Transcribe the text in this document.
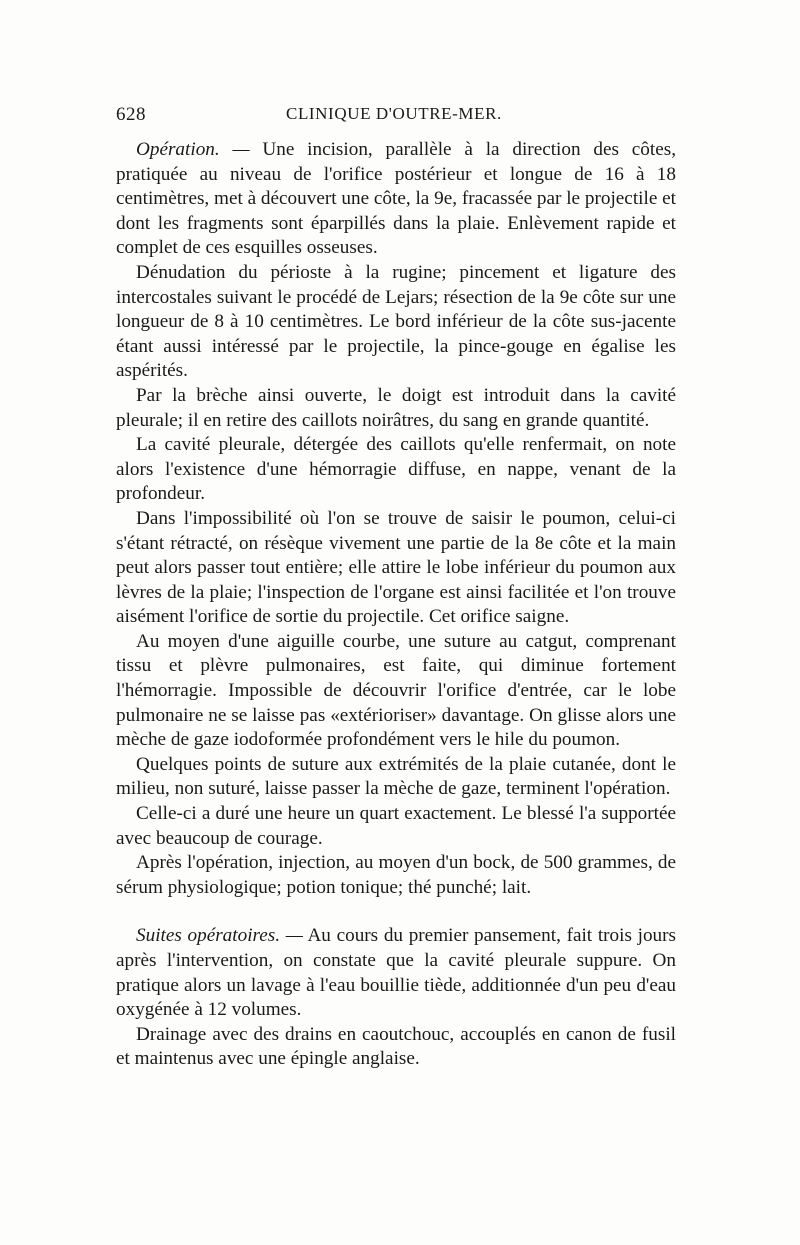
628	CLINIQUE D'OUTRE-MER.

Opération. — Une incision, parallèle à la direction des côtes, pratiquée au niveau de l'orifice postérieur et longue de 16 à 18 centimètres, met à découvert une côte, la 9e, fracassée par le projectile et dont les fragments sont éparpillés dans la plaie. Enlèvement rapide et complet de ces esquilles osseuses.

Dénudation du périoste à la rugine; pincement et ligature des intercostales suivant le procédé de Lejars; résection de la 9e côte sur une longueur de 8 à 10 centimètres. Le bord inférieur de la côte sus-jacente étant aussi intéressé par le projectile, la pince-gouge en égalise les aspérités.

Par la brèche ainsi ouverte, le doigt est introduit dans la cavité pleurale; il en retire des caillots noirâtres, du sang en grande quantité.

La cavité pleurale, détergée des caillots qu'elle renfermait, on note alors l'existence d'une hémorragie diffuse, en nappe, venant de la profondeur.

Dans l'impossibilité où l'on se trouve de saisir le poumon, celui-ci s'étant rétracté, on résèque vivement une partie de la 8e côte et la main peut alors passer tout entière; elle attire le lobe inférieur du poumon aux lèvres de la plaie; l'inspection de l'organe est ainsi facilitée et l'on trouve aisément l'orifice de sortie du projectile. Cet orifice saigne.

Au moyen d'une aiguille courbe, une suture au catgut, comprenant tissu et plèvre pulmonaires, est faite, qui diminue fortement l'hémorragie. Impossible de découvrir l'orifice d'entrée, car le lobe pulmonaire ne se laisse pas «extérioriser» davantage. On glisse alors une mèche de gaze iodoformée profondément vers le hile du poumon.

Quelques points de suture aux extrémités de la plaie cutanée, dont le milieu, non suturé, laisse passer la mèche de gaze, terminent l'opération.

Celle-ci a duré une heure un quart exactement. Le blessé l'a supportée avec beaucoup de courage.

Après l'opération, injection, au moyen d'un bock, de 500 grammes, de sérum physiologique; potion tonique; thé punché; lait.

Suites opératoires. — Au cours du premier pansement, fait trois jours après l'intervention, on constate que la cavité pleurale suppure. On pratique alors un lavage à l'eau bouillie tiède, additionnée d'un peu d'eau oxygénée à 12 volumes.

Drainage avec des drains en caoutchouc, accouplés en canon de fusil et maintenus avec une épingle anglaise.
